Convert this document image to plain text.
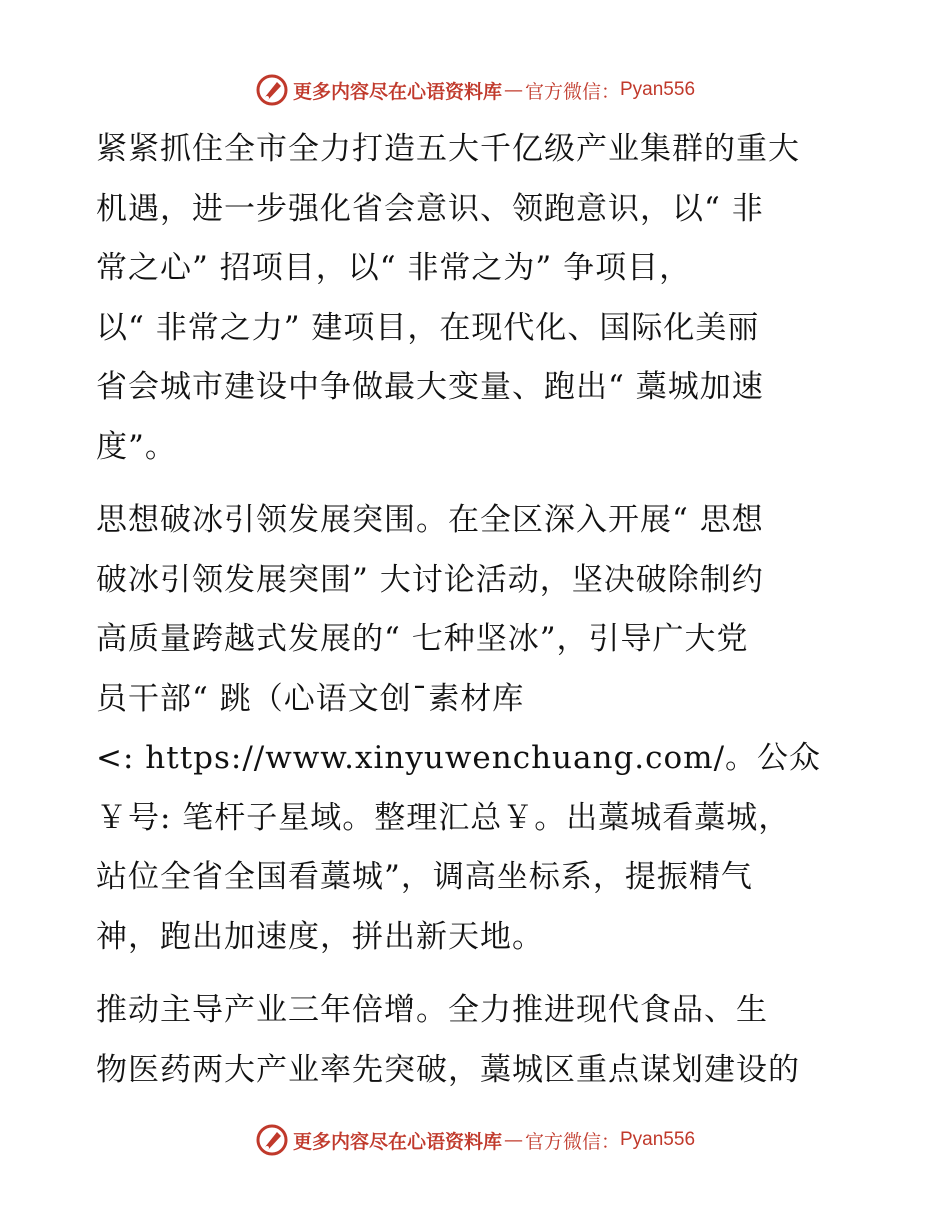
更多内容尽在心语资料库 — 官方微信： Pyan556

紧紧抓住全市全力打造五大千亿级产业集群的重大
机遇，进一步强化省会意识、领跑意识，以“ 非
常之心” 招项目，以“ 非常之为” 争项目，
以“ 非常之力” 建项目，在现代化、国际化美丽
省会城市建设中争做最大变量、跑出“ 藁城加速
度”。

思想破冰引领发展突围。在全区深入开展“ 思想
破冰引领发展突围” 大讨论活动，坚决破除制约
高质量跨越式发展的“ 七种坚冰”，引导广大党
员干部“ 跳（心语文创¯素材库
<: https://www.xinyuwenchuang.com/。公众
￥号: 笔杆子星域。整理汇总￥。出藁城看藁城，
站位全省全国看藁城”，调高坐标系，提振精气
神，跑出加速度，拼出新天地。

推动主导产业三年倍增。全力推进现代食品、生
物医药两大产业率先突破，藁城区重点谋划建设的

更多内容尽在心语资料库 — 官方微信： Pyan556
